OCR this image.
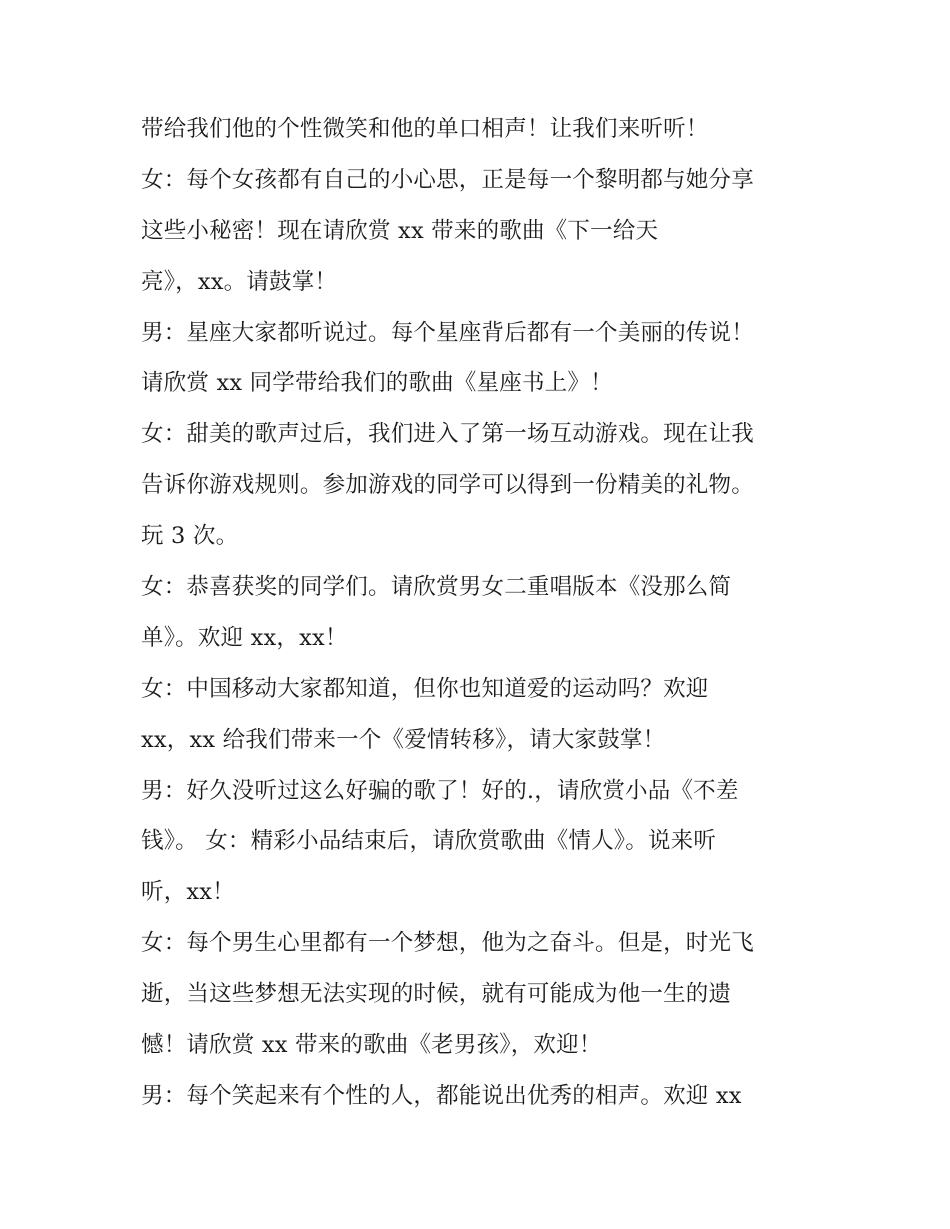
带给我们他的个性微笑和他的单口相声！让我们来听听！
女：每个女孩都有自己的小心思，正是每一个黎明都与她分享
这些小秘密！现在请欣赏 xx 带来的歌曲《下一给天
亮》，xx。请鼓掌！
男：星座大家都听说过。每个星座背后都有一个美丽的传说！
请欣赏 xx 同学带给我们的歌曲《星座书上》！
女：甜美的歌声过后，我们进入了第一场互动游戏。现在让我
告诉你游戏规则。参加游戏的同学可以得到一份精美的礼物。
玩 3 次。
女：恭喜获奖的同学们。请欣赏男女二重唱版本《没那么简
单》。欢迎 xx，xx！
女：中国移动大家都知道，但你也知道爱的运动吗？欢迎
xx，xx 给我们带来一个《爱情转移》，请大家鼓掌！
男：好久没听过这么好骗的歌了！好的.，请欣赏小品《不差
钱》。 女：精彩小品结束后，请欣赏歌曲《情人》。说来听
听，xx！
女：每个男生心里都有一个梦想，他为之奋斗。但是，时光飞
逝，当这些梦想无法实现的时候，就有可能成为他一生的遗
憾！请欣赏 xx 带来的歌曲《老男孩》，欢迎！
男：每个笑起来有个性的人，都能说出优秀的相声。欢迎 xx
